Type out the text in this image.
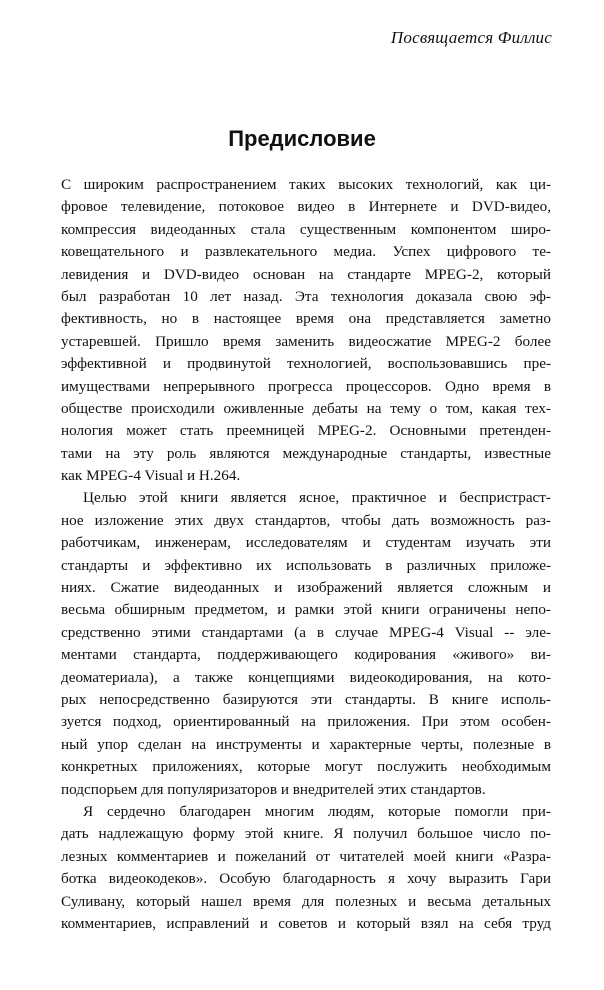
Посвящается Филлис
Предисловие
С широким распространением таких высоких технологий, как ци-
фровое телевидение, потоковое видео в Интернете и DVD-видео,
компрессия видеоданных стала существенным компонентом широ-
ковещательного и развлекательного медиа. Успех цифрового те-
левидения и DVD-видео основан на стандарте MPEG-2, который
был разработан 10 лет назад. Эта технология доказала свою эф-
фективность, но в настоящее время она представляется заметно
устаревшей. Пришло время заменить видеосжатие MPEG-2 более
эффективной и продвинутой технологией, воспользовавшись пре-
имуществами непрерывного прогресса процессоров. Одно время в
обществе происходили оживленные дебаты на тему о том, какая тех-
нология может стать преемницей MPEG-2. Основными претенден-
тами на эту роль являются международные стандарты, известные
как MPEG-4 Visual и H.264.
Целью этой книги является ясное, практичное и беспристраст-
ное изложение этих двух стандартов, чтобы дать возможность раз-
работчикам, инженерам, исследователям и студентам изучать эти
стандарты и эффективно их использовать в различных приложе-
ниях. Сжатие видеоданных и изображений является сложным и
весьма обширным предметом, и рамки этой книги ограничены непо-
средственно этими стандартами (а в случае MPEG-4 Visual -- эле-
ментами стандарта, поддерживающего кодирования «живого» ви-
деоматериала), а также концепциями видеокодирования, на кото-
рых непосредственно базируются эти стандарты. В книге исполь-
зуется подход, ориентированный на приложения. При этом особен-
ный упор сделан на инструменты и характерные черты, полезные в
конкретных приложениях, которые могут послужить необходимым
подспорьем для популяризаторов и внедрителей этих стандартов.
Я сердечно благодарен многим людям, которые помогли при-
дать надлежащую форму этой книге. Я получил большое число по-
лезных комментариев и пожеланий от читателей моей книги «Разра-
ботка видеокодеков». Особую благодарность я хочу выразить Гари
Суливану, который нашел время для полезных и весьма детальных
комментариев, исправлений и советов и который взял на себя труд
